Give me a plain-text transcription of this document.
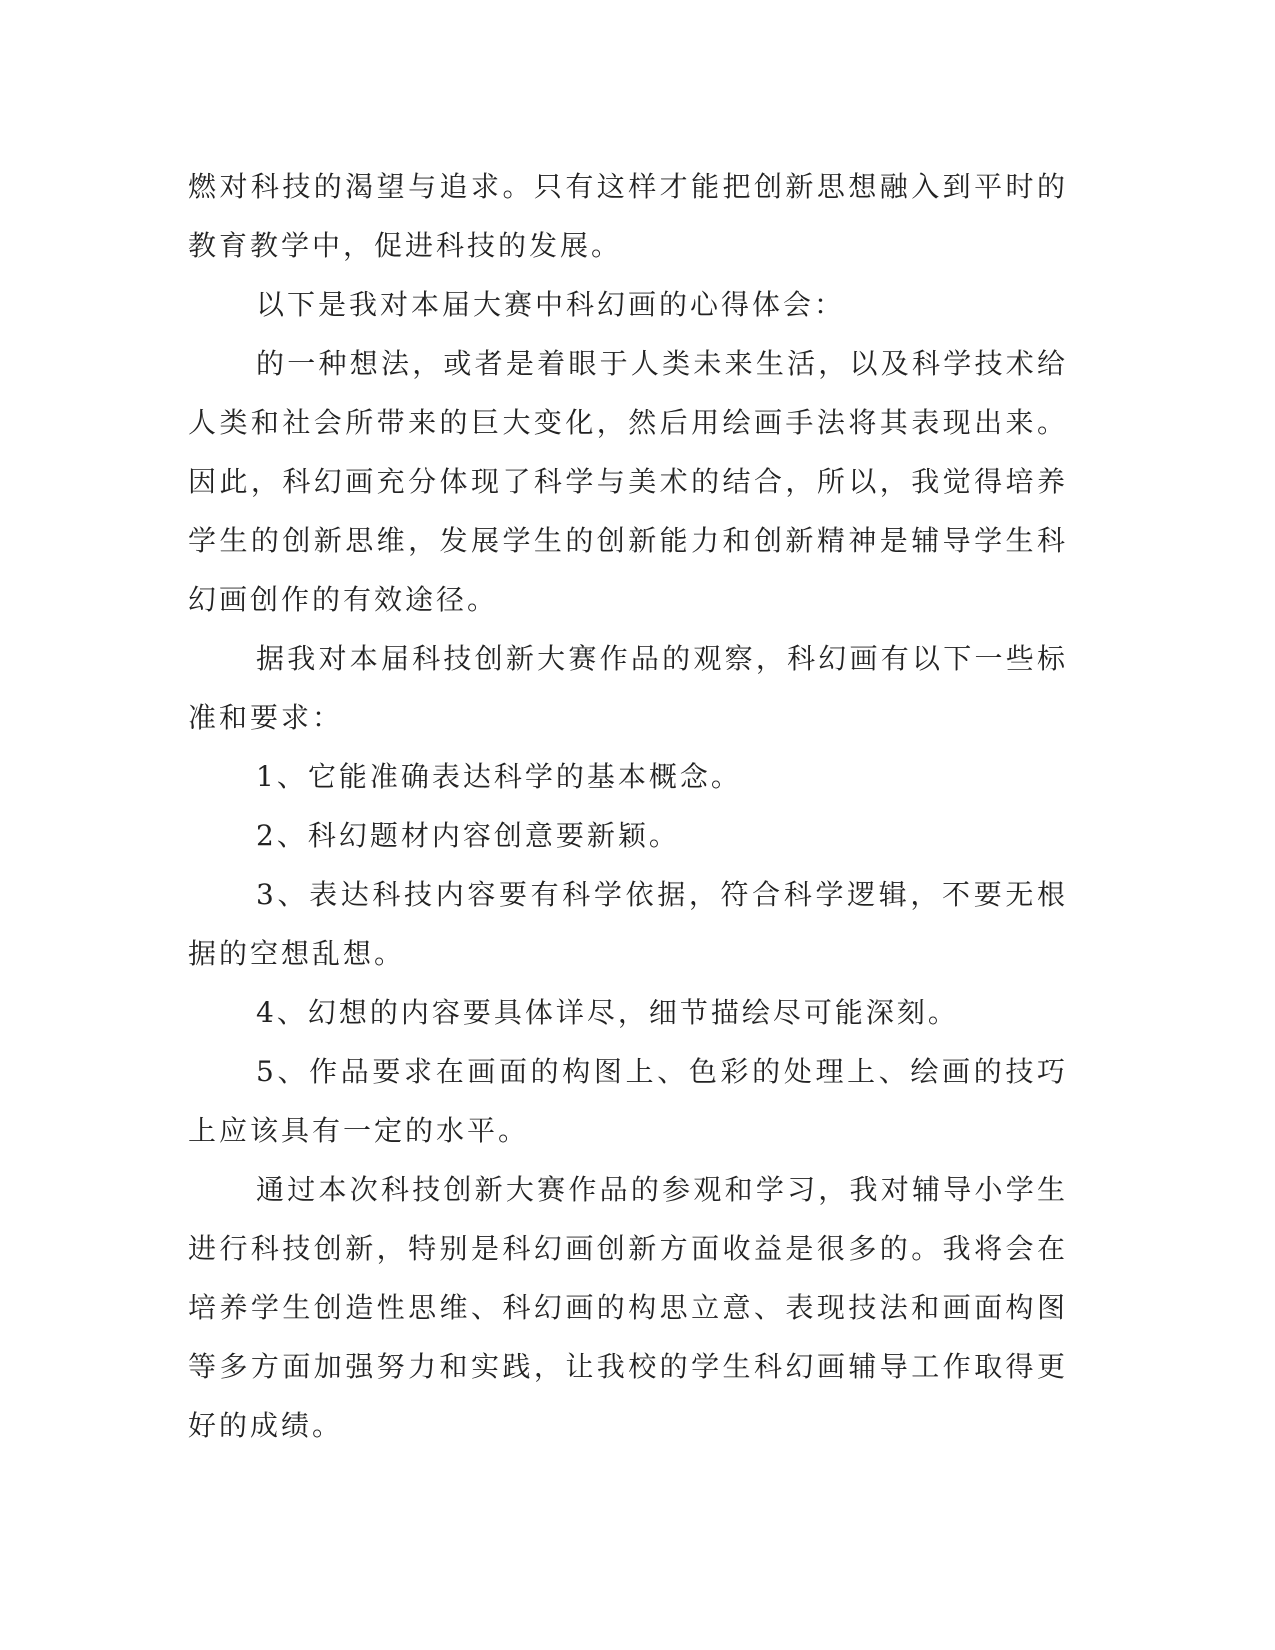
燃对科技的渴望与追求。只有这样才能把创新思想融入到平时的教育教学中，促进科技的发展。

以下是我对本届大赛中科幻画的心得体会：

的一种想法，或者是着眼于人类未来生活，以及科学技术给人类和社会所带来的巨大变化，然后用绘画手法将其表现出来。因此，科幻画充分体现了科学与美术的结合，所以，我觉得培养学生的创新思维，发展学生的创新能力和创新精神是辅导学生科幻画创作的有效途径。

据我对本届科技创新大赛作品的观察，科幻画有以下一些标准和要求：

1、它能准确表达科学的基本概念。

2、科幻题材内容创意要新颖。

3、表达科技内容要有科学依据，符合科学逻辑，不要无根据的空想乱想。

4、幻想的内容要具体详尽，细节描绘尽可能深刻。

5、作品要求在画面的构图上、色彩的处理上、绘画的技巧上应该具有一定的水平。

通过本次科技创新大赛作品的参观和学习，我对辅导小学生进行科技创新，特别是科幻画创新方面收益是很多的。我将会在培养学生创造性思维、科幻画的构思立意、表现技法和画面构图等多方面加强努力和实践，让我校的学生科幻画辅导工作取得更好的成绩。
